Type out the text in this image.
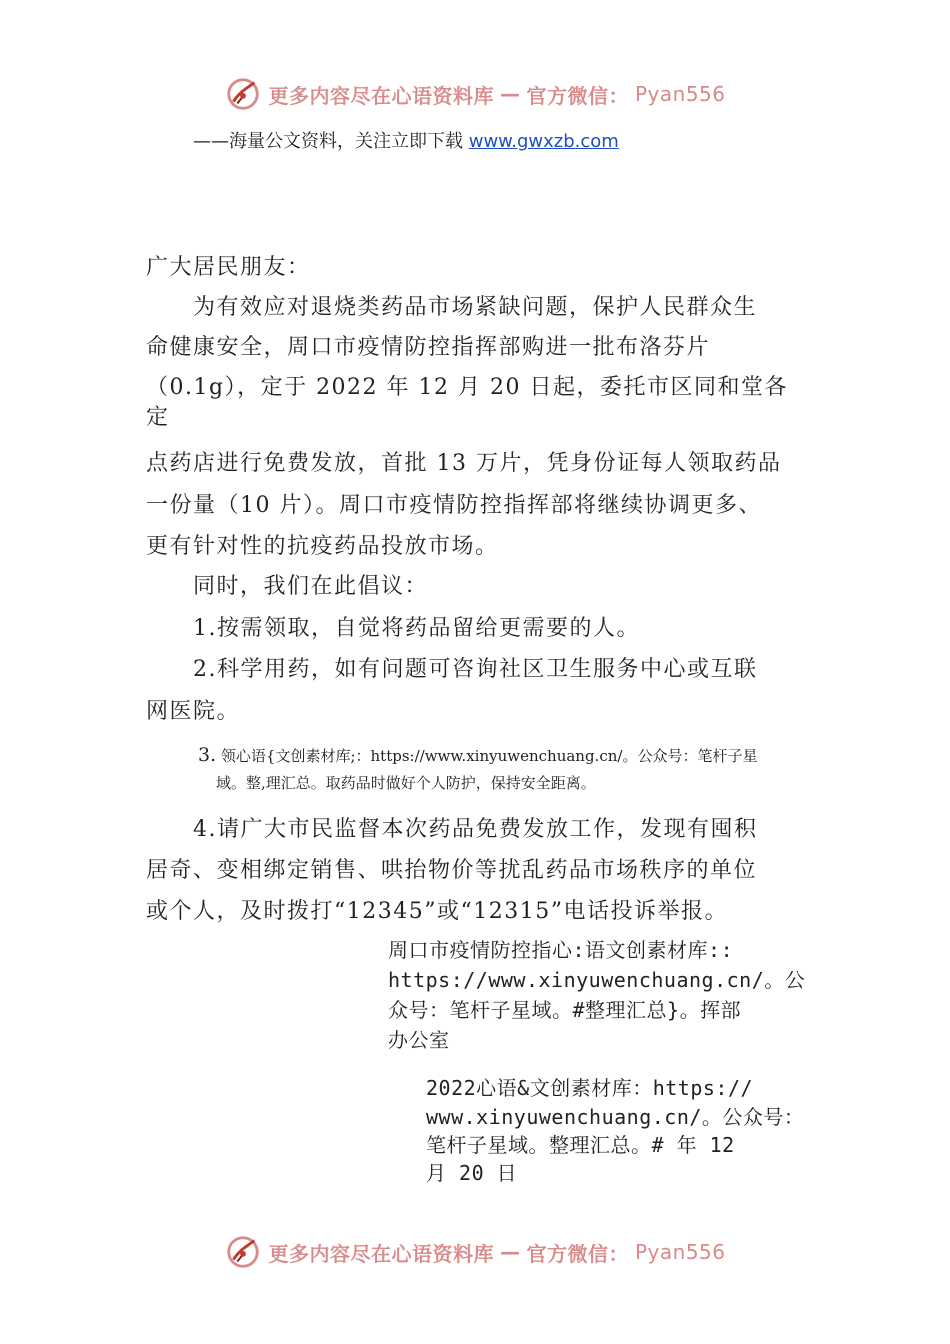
更多内容尽在心语资料库 — 官方微信： Pyan556
——海量公文资料，关注立即下载 www.gwxzb.com

广大居民朋友：

　　为有效应对退烧类药品市场紧缺问题，保护人民群众生

命健康安全，周口市疫情防控指挥部购进一批布洛芬片

（0.1g），定于 2022 年 12 月 20 日起，委托市区同和堂各

定

点药店进行免费发放，首批 13 万片，凭身份证每人领取药品

一份量（10 片）。周口市疫情防控指挥部将继续协调更多、

更有针对性的抗疫药品投放市场。

　　同时，我们在此倡议：

　　1.按需领取，自觉将药品留给更需要的人。

　　2.科学用药，如有问题可咨询社区卫生服务中心或互联

网医院。

3. 领心语{文创素材库;：https://www.xinyuwenchuang.cn/。公众号：笔杆子星

域。整,理汇总。取药品时做好个人防护，保持安全距离。

　　4.请广大市民监督本次药品免费发放工作，发现有囤积

居奇、变相绑定销售、哄抬物价等扰乱药品市场秩序的单位

或个人，及时拨打“12345”或“12315”电话投诉举报。

周口市疫情防控指心:语文创素材库::

https://www.xinyuwenchuang.cn/。公

众号：笔杆子星域。#整理汇总}。挥部

办公室

2022心语&文创素材库：https://

www.xinyuwenchuang.cn/。公众号：

笔杆子星域。整理汇总。# 年 12

月 20 日

更多内容尽在心语资料库 — 官方微信： Pyan556
